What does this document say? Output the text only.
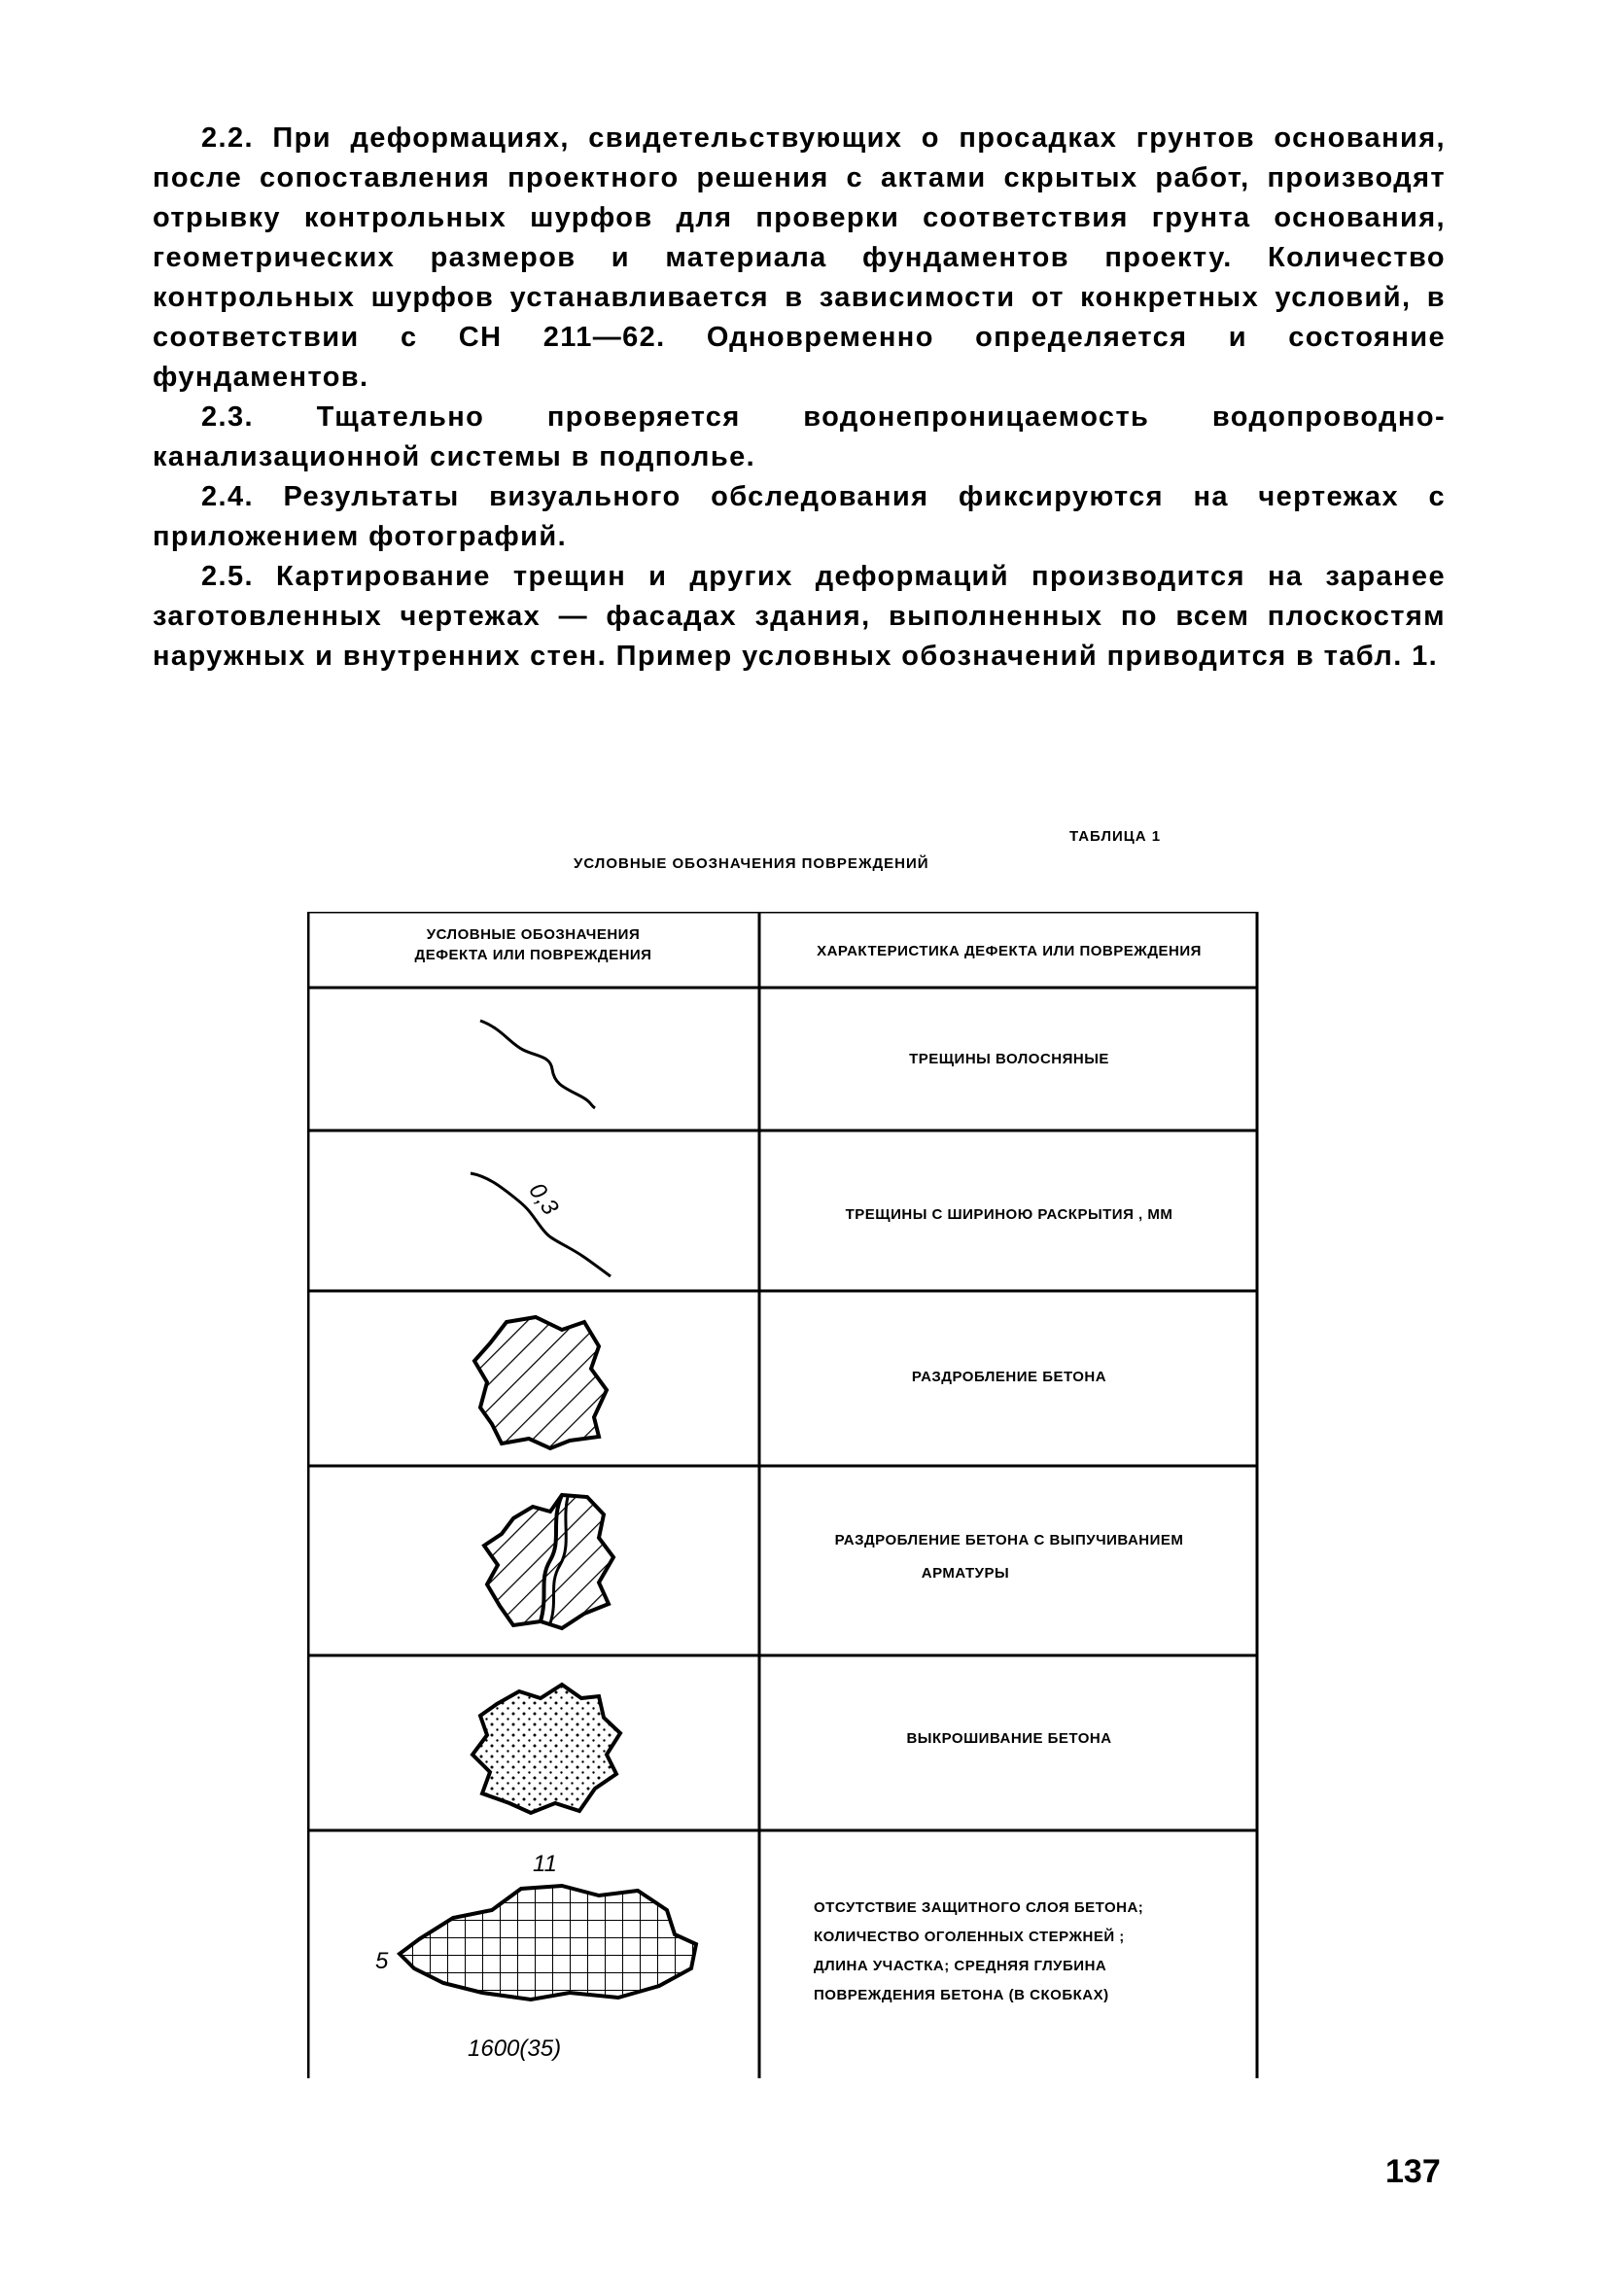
2.2. При деформациях, свидетельствующих о просадках грунтов основания, после сопоставления проектного решения с актами скрытых работ, производят отрывку контрольных шурфов для проверки соответствия грунта основания, геометрических размеров и материала фундаментов проекту. Количество контрольных шурфов устанавливается в зависимости от конкретных условий, в соответствии с СН 211—62. Одновременно определяется и состояние фундаментов.

2.3. Тщательно проверяется водонепроницаемость водопроводно-канализационной системы в подполье.

2.4. Результаты визуального обследования фиксируются на чертежах с приложением фотографий.

2.5. Картирование трещин и других деформаций производится на заранее заготовленных чертежах — фасадах здания, выполненных по всем плоскостям наружных и внутренних стен. Пример условных обозначений приводится в табл. 1.

ТАБЛИЦА 1
УСЛОВНЫЕ ОБОЗНАЧЕНИЯ ПОВРЕЖДЕНИЙ
УСЛОВНЫЕ ОБОЗНАЧЕНИЯ
ДЕФЕКТА ИЛИ ПОВРЕЖДЕНИЯ	ХАРАКТЕРИСТИКА ДЕФЕКТА ИЛИ ПОВРЕЖДЕНИЯ
ТРЕЩИНЫ ВОЛОСНЯНЫЕ
0,3	ТРЕЩИНЫ С ШИРИНОЮ РАСКРЫТИЯ , ММ
РАЗДРОБЛЕНИЕ БЕТОНА
РАЗДРОБЛЕНИЕ БЕТОНА С ВЫПУЧИВАНИЕМ
АРМАТУРЫ
ВЫКРОШИВАНИЕ БЕТОНА
11
5
1600(35)
ОТСУТСТВИЕ ЗАЩИТНОГО СЛОЯ БЕТОНА;
КОЛИЧЕСТВО ОГОЛЕННЫХ СТЕРЖНЕЙ ;
ДЛИНА УЧАСТКА; СРЕДНЯЯ ГЛУБИНА
ПОВРЕЖДЕНИЯ БЕТОНА (В СКОБКАХ)
137
